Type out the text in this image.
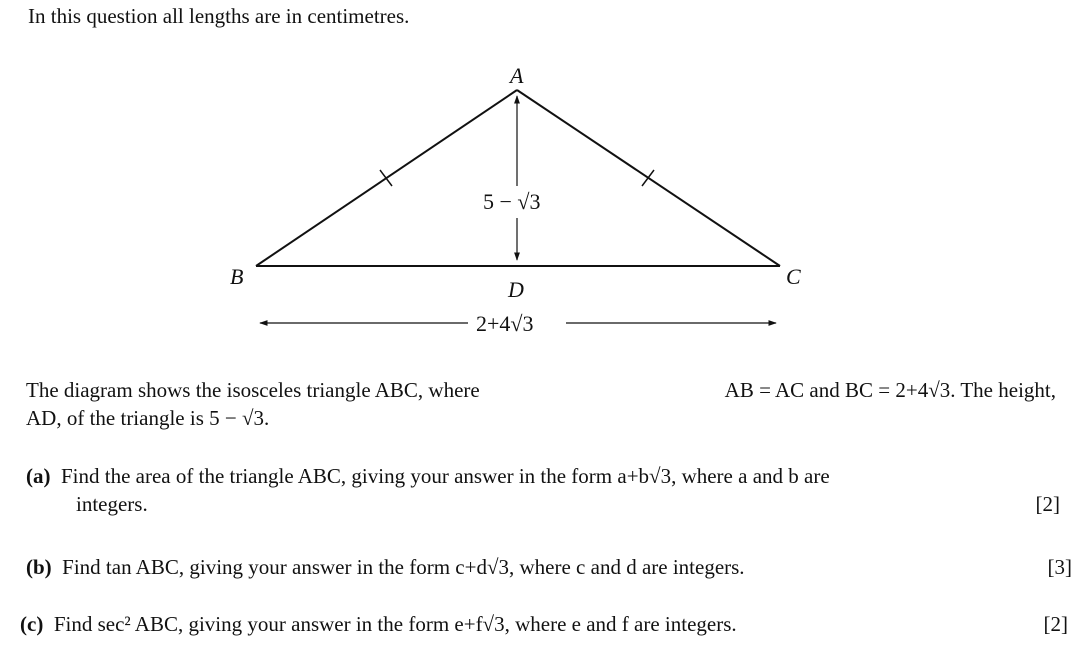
In this question all lengths are in centimetres.
A
B	C
D
5 − √3
2+4√3
The diagram shows the isosceles triangle ABC, where	AB = AC and BC = 2+4√3. The height,
AD, of the triangle is 5 − √3.
(a) Find the area of the triangle ABC, giving your answer in the form a+b√3, where a and b are
integers.	[2]
(b) Find tan ABC, giving your answer in the form c+d√3, where c and d are integers.	[3]
(c) Find sec² ABC, giving your answer in the form e+f√3, where e and f are integers.	[2]
